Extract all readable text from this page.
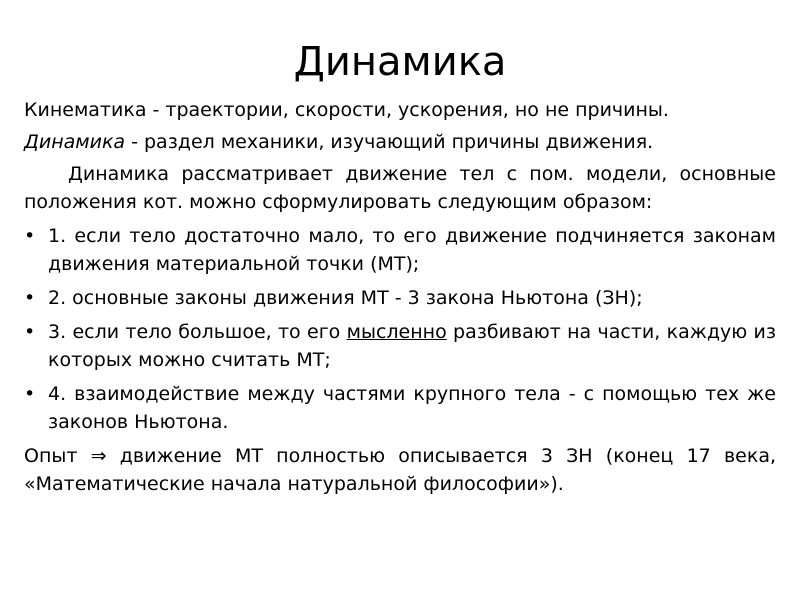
Динамика

Кинематика - траектории, скорости, ускорения, но не причины.

Динамика - раздел механики, изучающий причины движения.

Динамика рассматривает движение тел с пом. модели, основные положения кот. можно сформулировать следующим образом:

• 1. если тело достаточно мало, то его движение подчиняется законам движения материальной точки (МТ);
• 2. основные законы движения МТ - 3 закона Ньютона (ЗН);
• 3. если тело большое, то его мысленно разбивают на части, каждую из которых можно считать МТ;
• 4. взаимодействие между частями крупного тела - с помощью тех же законов Ньютона.

Опыт ⇒ движение МТ полностью описывается 3 ЗН (конец 17 века, «Математические начала натуральной философии»).
